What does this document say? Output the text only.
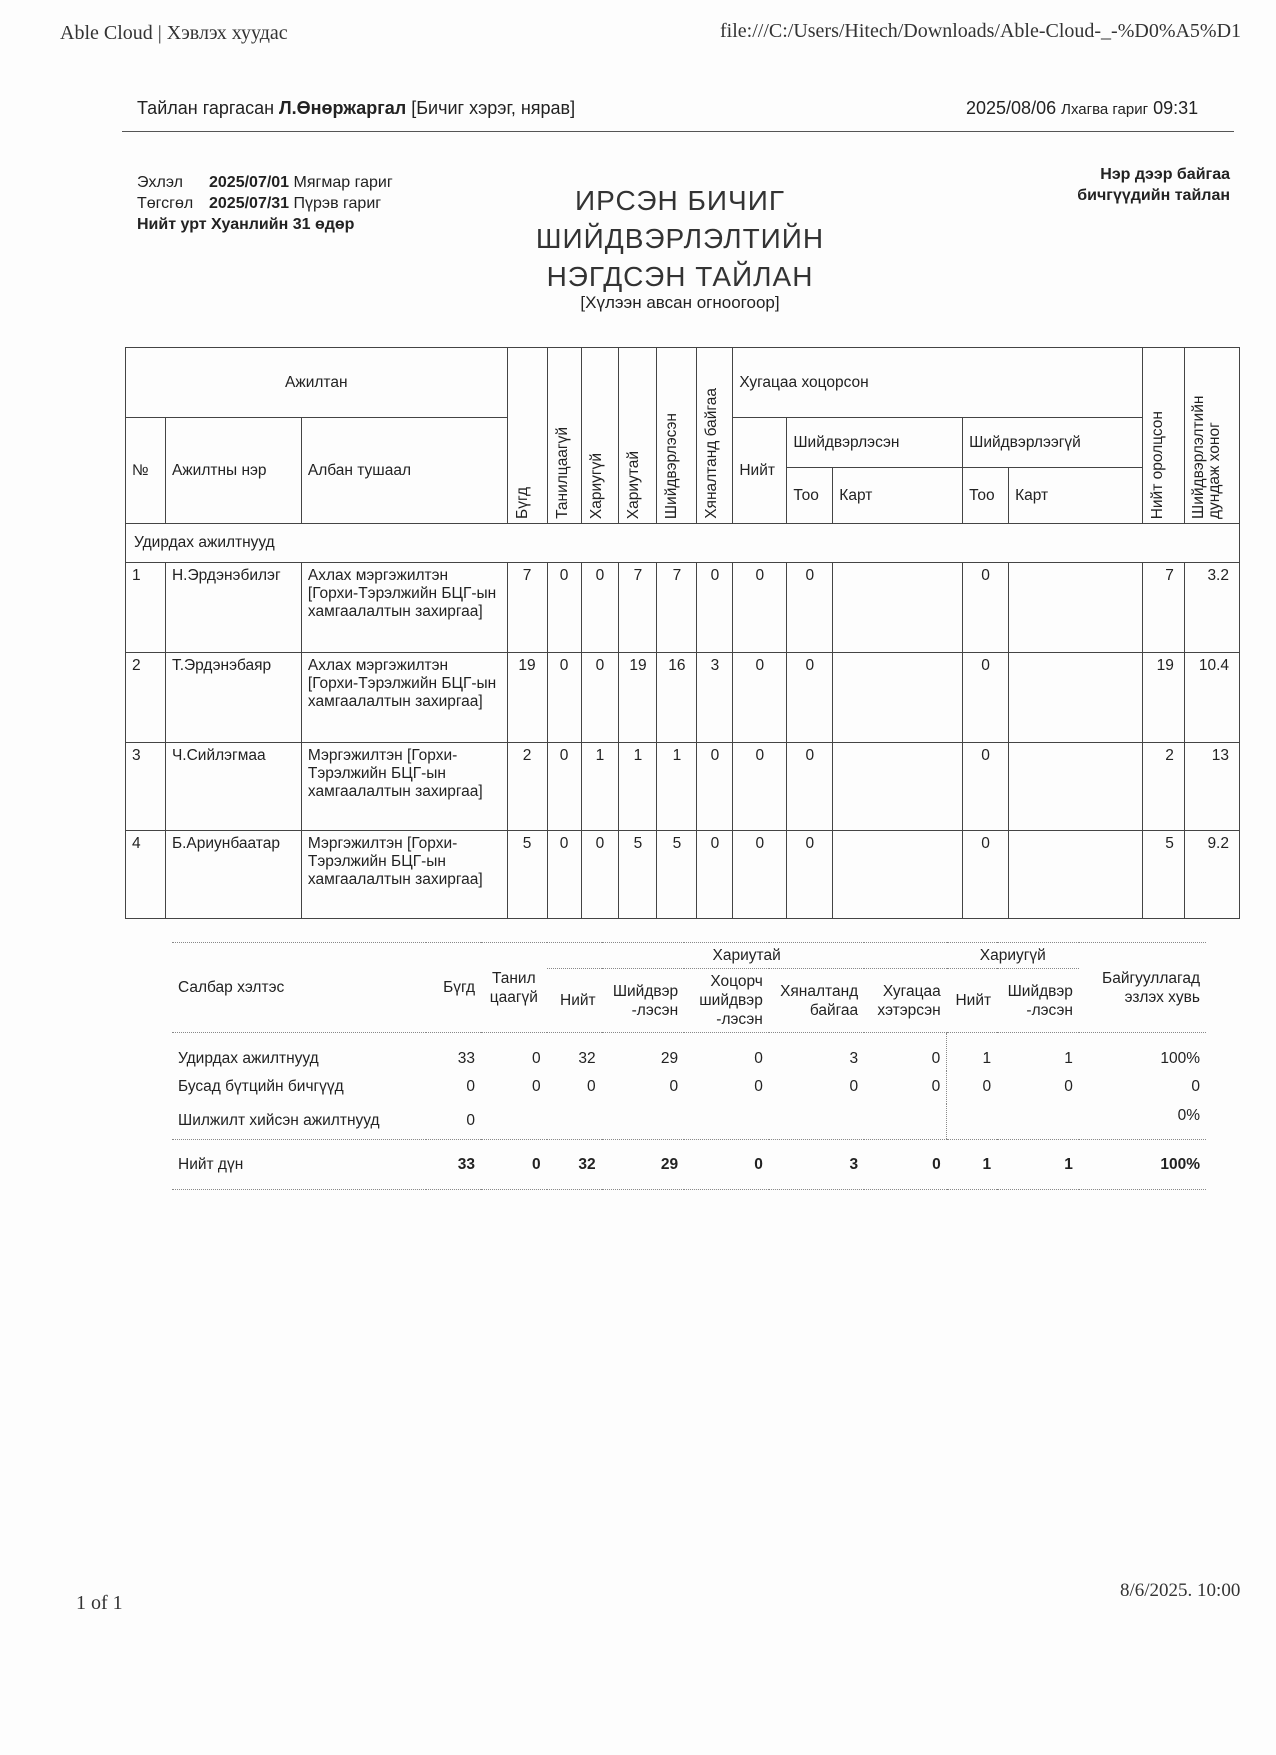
Able Cloud | Хэвлэх хуудас	file:///C:/Users/Hitech/Downloads/Able-Cloud-_-%D0%A5%D1
1 of 1
8/6/2025. 10:00
Тайлан гаргасан Л.Өнөржаргал [Бичиг хэрэг, нярав]	2025/08/06 Лхагва гариг 09:31
Эхлэл 2025/07/01 Мягмар гариг
Төгсгөл 2025/07/31 Пүрэв гариг
Нийт урт Хуанлийн 31 өдөр
ИРСЭН БИЧИГ
ШИЙДВЭРЛЭЛТИЙН
НЭГДСЭН ТАЙЛАН
[Хүлээн авсан огноогоор]
Нэр дээр байгаа
бичгүүдийн тайлан
Ажилтан			Бүгд	Танилцаагүй	Хариугүй	Хариутай	Шийдвэрлэсэн	Хяналтанд байгаа	Хугацаа хоцорсон					Нийт оролцсон	Шийдвэрлэлтийн дундаж хоног

№	Ажилтны нэр	Албан тушаал							Нийт	Шийдвэрлэсэн		Шийдвэрлээгүй			
										Тоо	Карт	Тоо	Карт		
Удирдах ажилтнууд															
1	Н.Эрдэнэбилэг	Ахлах мэргэжилтэн [Горхи-Тэрэлжийн БЦГ-ын хамгаалалтын захиргаа]	7	0	0	7	7	0	0	0		0		7	3.2
2	Т.Эрдэнэбаяр	Ахлах мэргэжилтэн [Горхи-Тэрэлжийн БЦГ-ын хамгаалалтын захиргаа]	19	0	0	19	16	3	0	0		0		19	10.4
3	Ч.Сийлэгмаа	Мэргэжилтэн [Горхи-Тэрэлжийн БЦГ-ын хамгаалалтын захиргаа]	2	0	1	1	1	0	0	0		0		2	13
4	Б.Ариунбаатар	Мэргэжилтэн [Горхи-Тэрэлжийн БЦГ-ын хамгаалалтын захиргаа]	5	0	0	5	5	0	0	0		0		5	9.2
Салбар хэлтэс	Бүгд	Танил цаагүй	Хариутай					Хариугүй		Байгууллагад эзлэх хувь
			Нийт	Шийдвэр -лэсэн	Хоцорч шийдвэр -лэсэн	Хяналтанд байгаа	Хугацаа хэтэрсэн	Нийт	Шийдвэр -лэсэн	
Удирдах ажилтнууд	33	0	32	29	0	3	0	1	1	100%
Бусад бүтцийн бичгүүд	0	0	0	0	0	0	0	0	0	0
Шилжилт хийсэн ажилтнууд	0									0%
Нийт дүн	33	0	32	29	0	3	0	1	1	100%
